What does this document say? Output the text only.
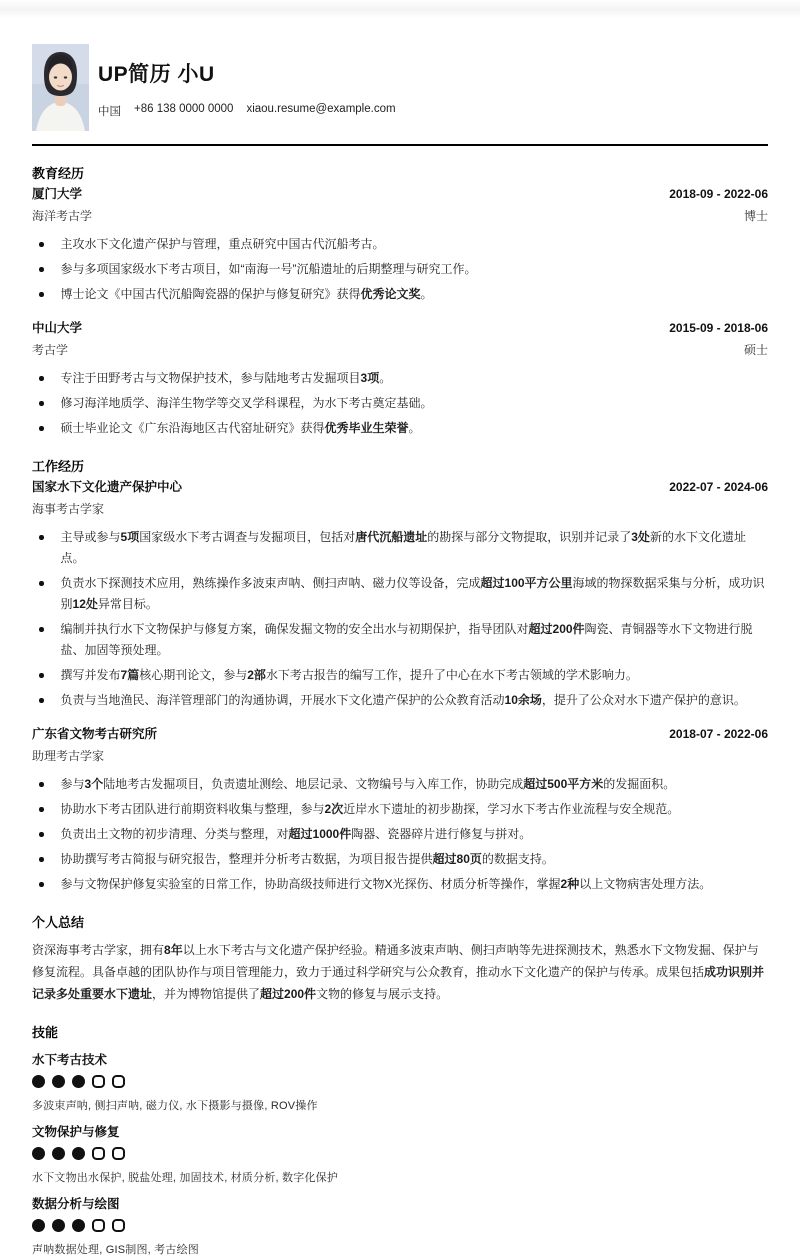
UP简历 小U
中国 +86 138 0000 0000 xiaou.resume@example.com
教育经历
厦门大学	2018-09 - 2022-06
海洋考古学	博士
主攻水下文化遗产保护与管理，重点研究中国古代沉船考古。
参与多项国家级水下考古项目，如“南海一号”沉船遗址的后期整理与研究工作。
博士论文《中国古代沉船陶瓷器的保护与修复研究》获得优秀论文奖。
中山大学	2015-09 - 2018-06
考古学	硕士
专注于田野考古与文物保护技术，参与陆地考古发掘项目3项。
修习海洋地质学、海洋生物学等交叉学科课程，为水下考古奠定基础。
硕士毕业论文《广东沿海地区古代窑址研究》获得优秀毕业生荣誉。
工作经历
国家水下文化遗产保护中心	2022-07 - 2024-06
海事考古学家
主导或参与5项国家级水下考古调查与发掘项目，包括对唐代沉船遗址的勘探与部分文物提取，识别并记录了3处新的水下文化遗址点。
负责水下探测技术应用，熟练操作多波束声呐、侧扫声呐、磁力仪等设备，完成超过100平方公里海域的物探数据采集与分析，成功识别12处异常目标。
编制并执行水下文物保护与修复方案，确保发掘文物的安全出水与初期保护，指导团队对超过200件陶瓷、青铜器等水下文物进行脱盐、加固等预处理。
撰写并发布7篇核心期刊论文，参与2部水下考古报告的编写工作，提升了中心在水下考古领域的学术影响力。
负责与当地渔民、海洋管理部门的沟通协调，开展水下文化遗产保护的公众教育活动10余场，提升了公众对水下遗产保护的意识。
广东省文物考古研究所	2018-07 - 2022-06
助理考古学家
参与3个陆地考古发掘项目，负责遗址测绘、地层记录、文物编号与入库工作，协助完成超过500平方米的发掘面积。
协助水下考古团队进行前期资料收集与整理，参与2次近岸水下遗址的初步勘探，学习水下考古作业流程与安全规范。
负责出土文物的初步清理、分类与整理，对超过1000件陶器、瓷器碎片进行修复与拼对。
协助撰写考古简报与研究报告，整理并分析考古数据，为项目报告提供超过80页的数据支持。
参与文物保护修复实验室的日常工作，协助高级技师进行文物X光探伤、材质分析等操作，掌握2种以上文物病害处理方法。
个人总结
资深海事考古学家，拥有8年以上水下考古与文化遗产保护经验。精通多波束声呐、侧扫声呐等先进探测技术，熟悉水下文物发掘、保护与修复流程。具备卓越的团队协作与项目管理能力，致力于通过科学研究与公众教育，推动水下文化遗产的保护与传承。成果包括成功识别并记录多处重要水下遗址，并为博物馆提供了超过200件文物的修复与展示支持。
技能
水下考古技术
多波束声呐, 侧扫声呐, 磁力仪, 水下摄影与摄像, ROV操作
文物保护与修复
水下文物出水保护, 脱盐处理, 加固技术, 材质分析, 数字化保护
数据分析与绘图
声呐数据处理, GIS制图, 考古绘图
